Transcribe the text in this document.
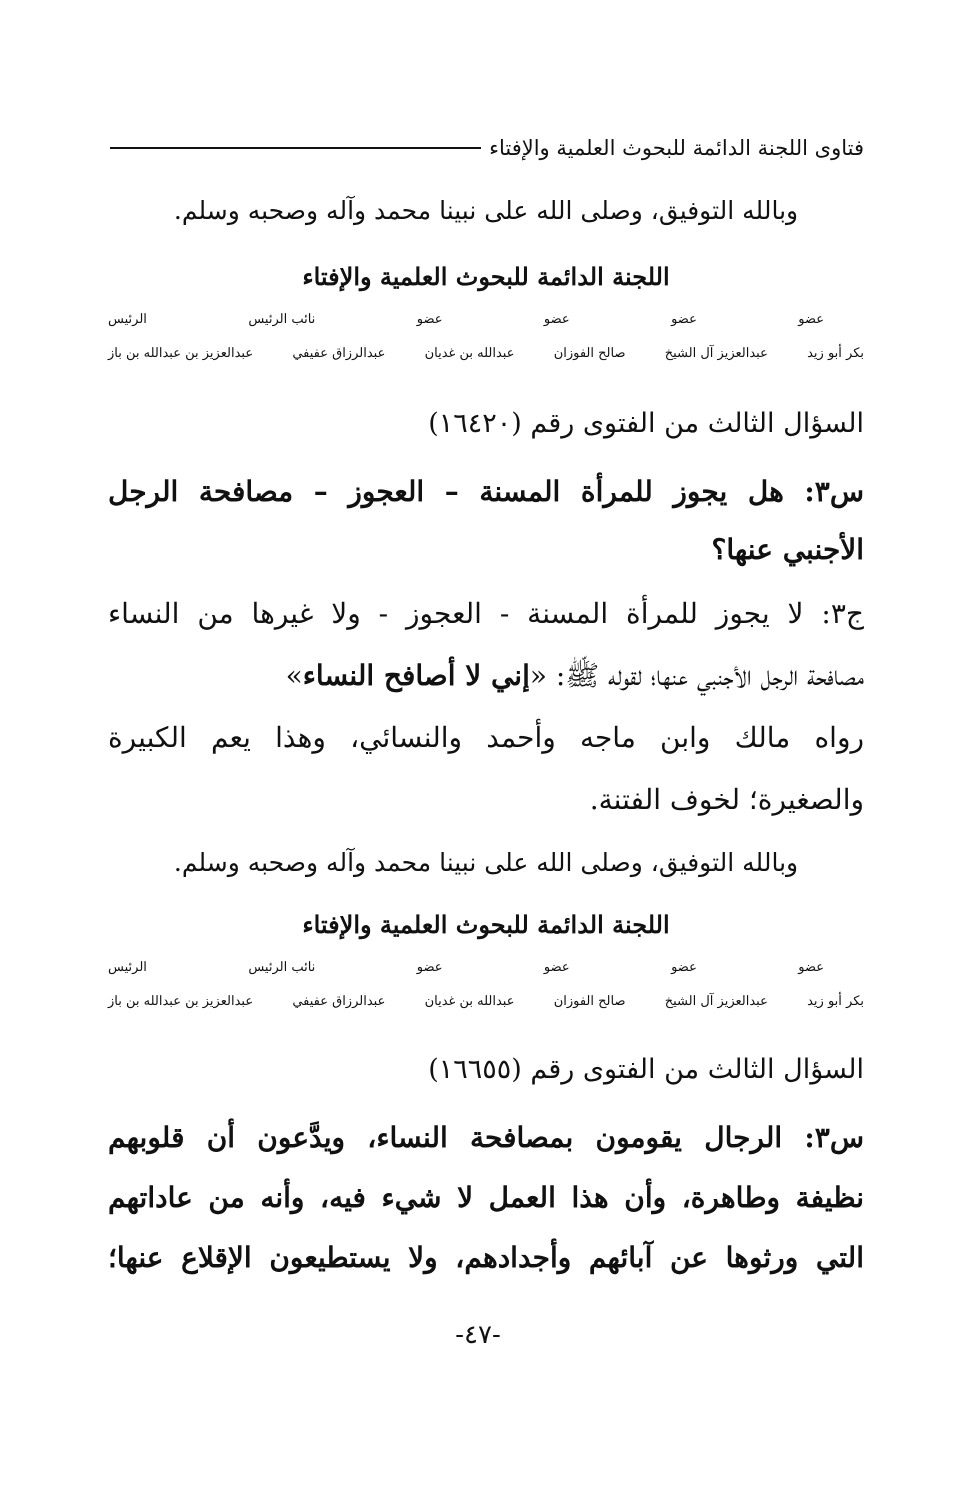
فتاوى اللجنة الدائمة للبحوث العلمية والإفتاء
وبالله التوفيق، وصلى الله على نبينا محمد وآله وصحبه وسلم.
اللجنة الدائمة للبحوث العلمية والإفتاء
عضو
عضو
عضو
عضو
نائب الرئيس
الرئيس
بكر أبو زيد
عبدالعزيز آل الشيخ
صالح الفوزان
عبدالله بن غديان
عبدالرزاق عفيفي
عبدالعزيز بن عبدالله بن باز
السؤال الثالث من الفتوى رقم (١٦٤٢٠)
س٣: هل يجوز للمرأة المسنة – العجوز – مصافحة الرجل
الأجنبي عنها؟
ج٣: لا يجوز للمرأة المسنة - العجوز - ولا غيرها من النساء
مصافحة الرجل الأجنبي عنها؛ لقوله ﷺ: «إني لا أصافح النساء»
رواه مالك وابن ماجه وأحمد والنسائي، وهذا يعم الكبيرة
والصغيرة؛ لخوف الفتنة.
وبالله التوفيق، وصلى الله على نبينا محمد وآله وصحبه وسلم.
اللجنة الدائمة للبحوث العلمية والإفتاء
عضو
عضو
عضو
عضو
نائب الرئيس
الرئيس
بكر أبو زيد
عبدالعزيز آل الشيخ
صالح الفوزان
عبدالله بن غديان
عبدالرزاق عفيفي
عبدالعزيز بن عبدالله بن باز
السؤال الثالث من الفتوى رقم (١٦٦٥٥)
س٣: الرجال يقومون بمصافحة النساء، ويدَّعون أن قلوبهم
نظيفة وطاهرة، وأن هذا العمل لا شيء فيه، وأنه من عاداتهم
التي ورثوها عن آبائهم وأجدادهم، ولا يستطيعون الإقلاع عنها؛
-٤٧-
